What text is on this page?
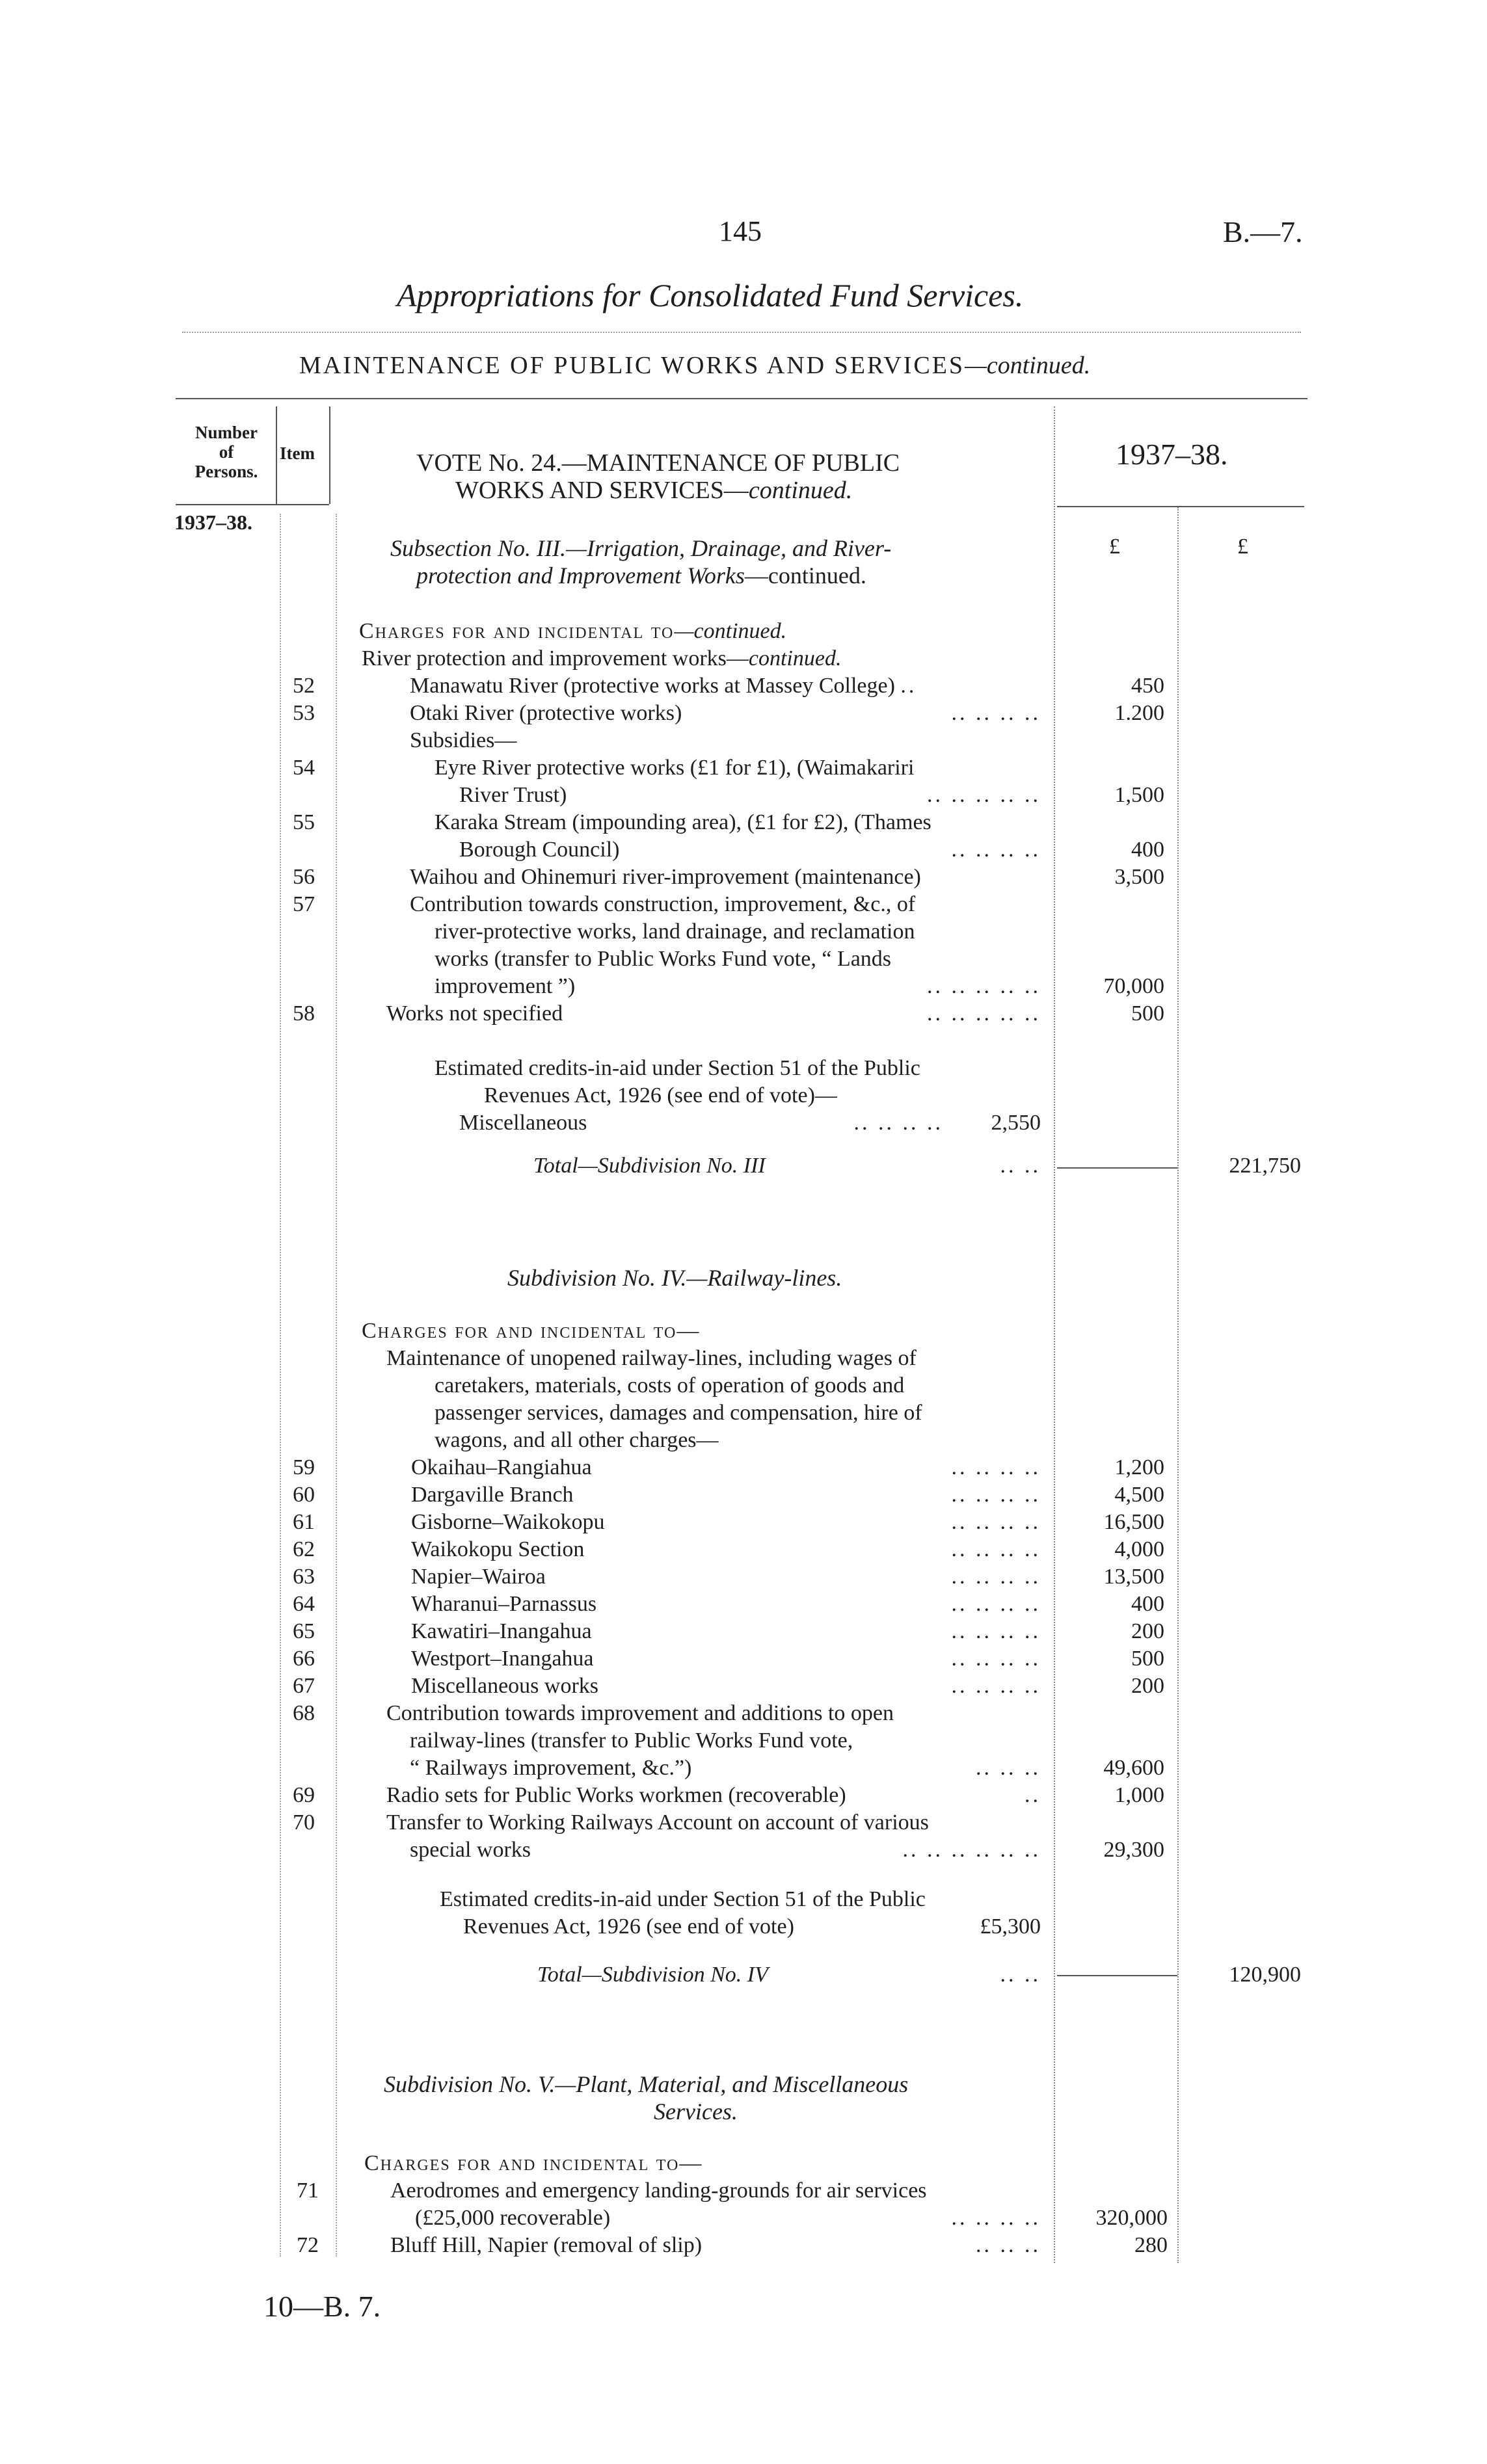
145	B.—7.
Appropriations for Consolidated Fund Services.
MAINTENANCE OF PUBLIC WORKS AND SERVICES—continued.
Number
of
Persons.
Item	VOTE No. 24.—MAINTENANCE OF PUBLIC
WORKS AND SERVICES—continued.
1937–38.
1937–38.
£	£
Subsection No. III.—Irrigation, Drainage, and River-
protection and Improvement Works—continued.
Charges for and incidental to—continued.
River protection and improvement works—continued.
52	Manawatu River (protective works at Massey College) ..	450
53	Otaki River (protective works)	.. .. .. ..	1.200
Subsidies—
54	Eyre River protective works (£1 for £1), (Waimakariri
River Trust)	.. .. .. .. ..	1,500
55	Karaka Stream (impounding area), (£1 for £2), (Thames
Borough Council)	.. .. .. ..	400
56	Waihou and Ohinemuri river-improvement (maintenance)	3,500
57	Contribution towards construction, improvement, &c., of
river-protective works, land drainage, and reclamation
works (transfer to Public Works Fund vote, “ Lands
improvement ”)	.. .. .. .. ..	70,000
58	Works not specified	.. .. .. .. ..	500
Estimated credits-in-aid under Section 51 of the Public
Revenues Act, 1926 (see end of vote)—
Miscellaneous	.. .. .. .. 2,550
Total—Subdivision No. III	.. ..	221,750
Subdivision No. IV.—Railway-lines.
Charges for and incidental to—
Maintenance of unopened railway-lines, including wages of
caretakers, materials, costs of operation of goods and
passenger services, damages and compensation, hire of
wagons, and all other charges—
59	Okaihau–Rangiahua	.. .. .. ..	1,200
60	Dargaville Branch	.. .. .. ..	4,500
61	Gisborne–Waikokopu	.. .. .. ..	16,500
62	Waikokopu Section	.. .. .. ..	4,000
63	Napier–Wairoa	.. .. .. ..	13,500
64	Wharanui–Parnassus	.. .. .. ..	400
65	Kawatiri–Inangahua	.. .. .. ..	200
66	Westport–Inangahua	.. .. .. ..	500
67	Miscellaneous works	.. .. .. ..	200
68	Contribution towards improvement and additions to open
railway-lines (transfer to Public Works Fund vote,
“ Railways improvement, &c.”)	.. .. ..	49,600
69	Radio sets for Public Works workmen (recoverable)	..	1,000
70	Transfer to Working Railways Account on account of various
special works	.. .. .. .. .. ..	29,300
Estimated credits-in-aid under Section 51 of the Public
Revenues Act, 1926 (see end of vote)	£5,300
Total—Subdivision No. IV	.. ..	120,900
Subdivision No. V.—Plant, Material, and Miscellaneous
Services.
Charges for and incidental to—
71	Aerodromes and emergency landing-grounds for air services
(£25,000 recoverable)	.. .. .. ..	320,000
72	Bluff Hill, Napier (removal of slip)	.. .. ..	280
10—B. 7.
